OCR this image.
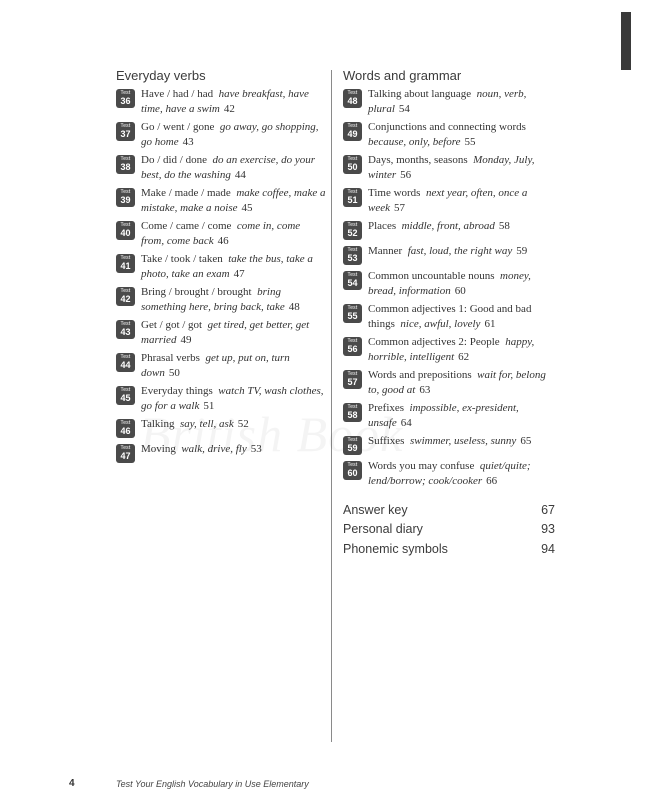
Everyday verbs
Test
36
Have / had / had have breakfast, have time, have a swim 42
Test
37
Go / went / gone go away, go shopping, go home 43
Test
38
Do / did / done do an exercise, do your best, do the washing 44
Test
39
Make / made / made make coffee, make a mistake, make a noise 45
Test
40
Come / came / come come in, come from, come back 46
Test
41
Take / took / taken take the bus, take a photo, take an exam 47
Test
42
Bring / brought / brought bring something here, bring back, take 48
Test
43
Get / got / got get tired, get better, get married 49
Test
44
Phrasal verbs get up, put on, turn down 50
Test
45
Everyday things watch TV, wash clothes, go for a walk 51
Test
46
Talking say, tell, ask 52
Test
47
Moving walk, drive, fly 53
Words and grammar
Test
48
Talking about language noun, verb, plural 54
Test
49
Conjunctions and connecting words  because, only, before 55
Test
50
Days, months, seasons Monday, July, winter 56
Test
51
Time words next year, often, once a week 57
Test
52
Places middle, front, abroad 58
Test
53
Manner fast, loud, the right way 59
Test
54
Common uncountable nouns money, bread, information 60
Test
55
Common adjectives 1: Good and bad things nice, awful, lovely 61
Test
56
Common adjectives 2: People happy, horrible, intelligent 62
Test
57
Words and prepositions wait for, belong to, good at 63
Test
58
Prefixes impossible, ex-president, unsafe 64
Test
59
Suffixes swimmer, useless, sunny 65
Test
60
Words you may confuse quiet/quite; lend/borrow; cook/cooker 66
Answer key	67
Personal diary	93
Phonemic symbols	94
4	Test Your English Vocabulary in Use Elementary
